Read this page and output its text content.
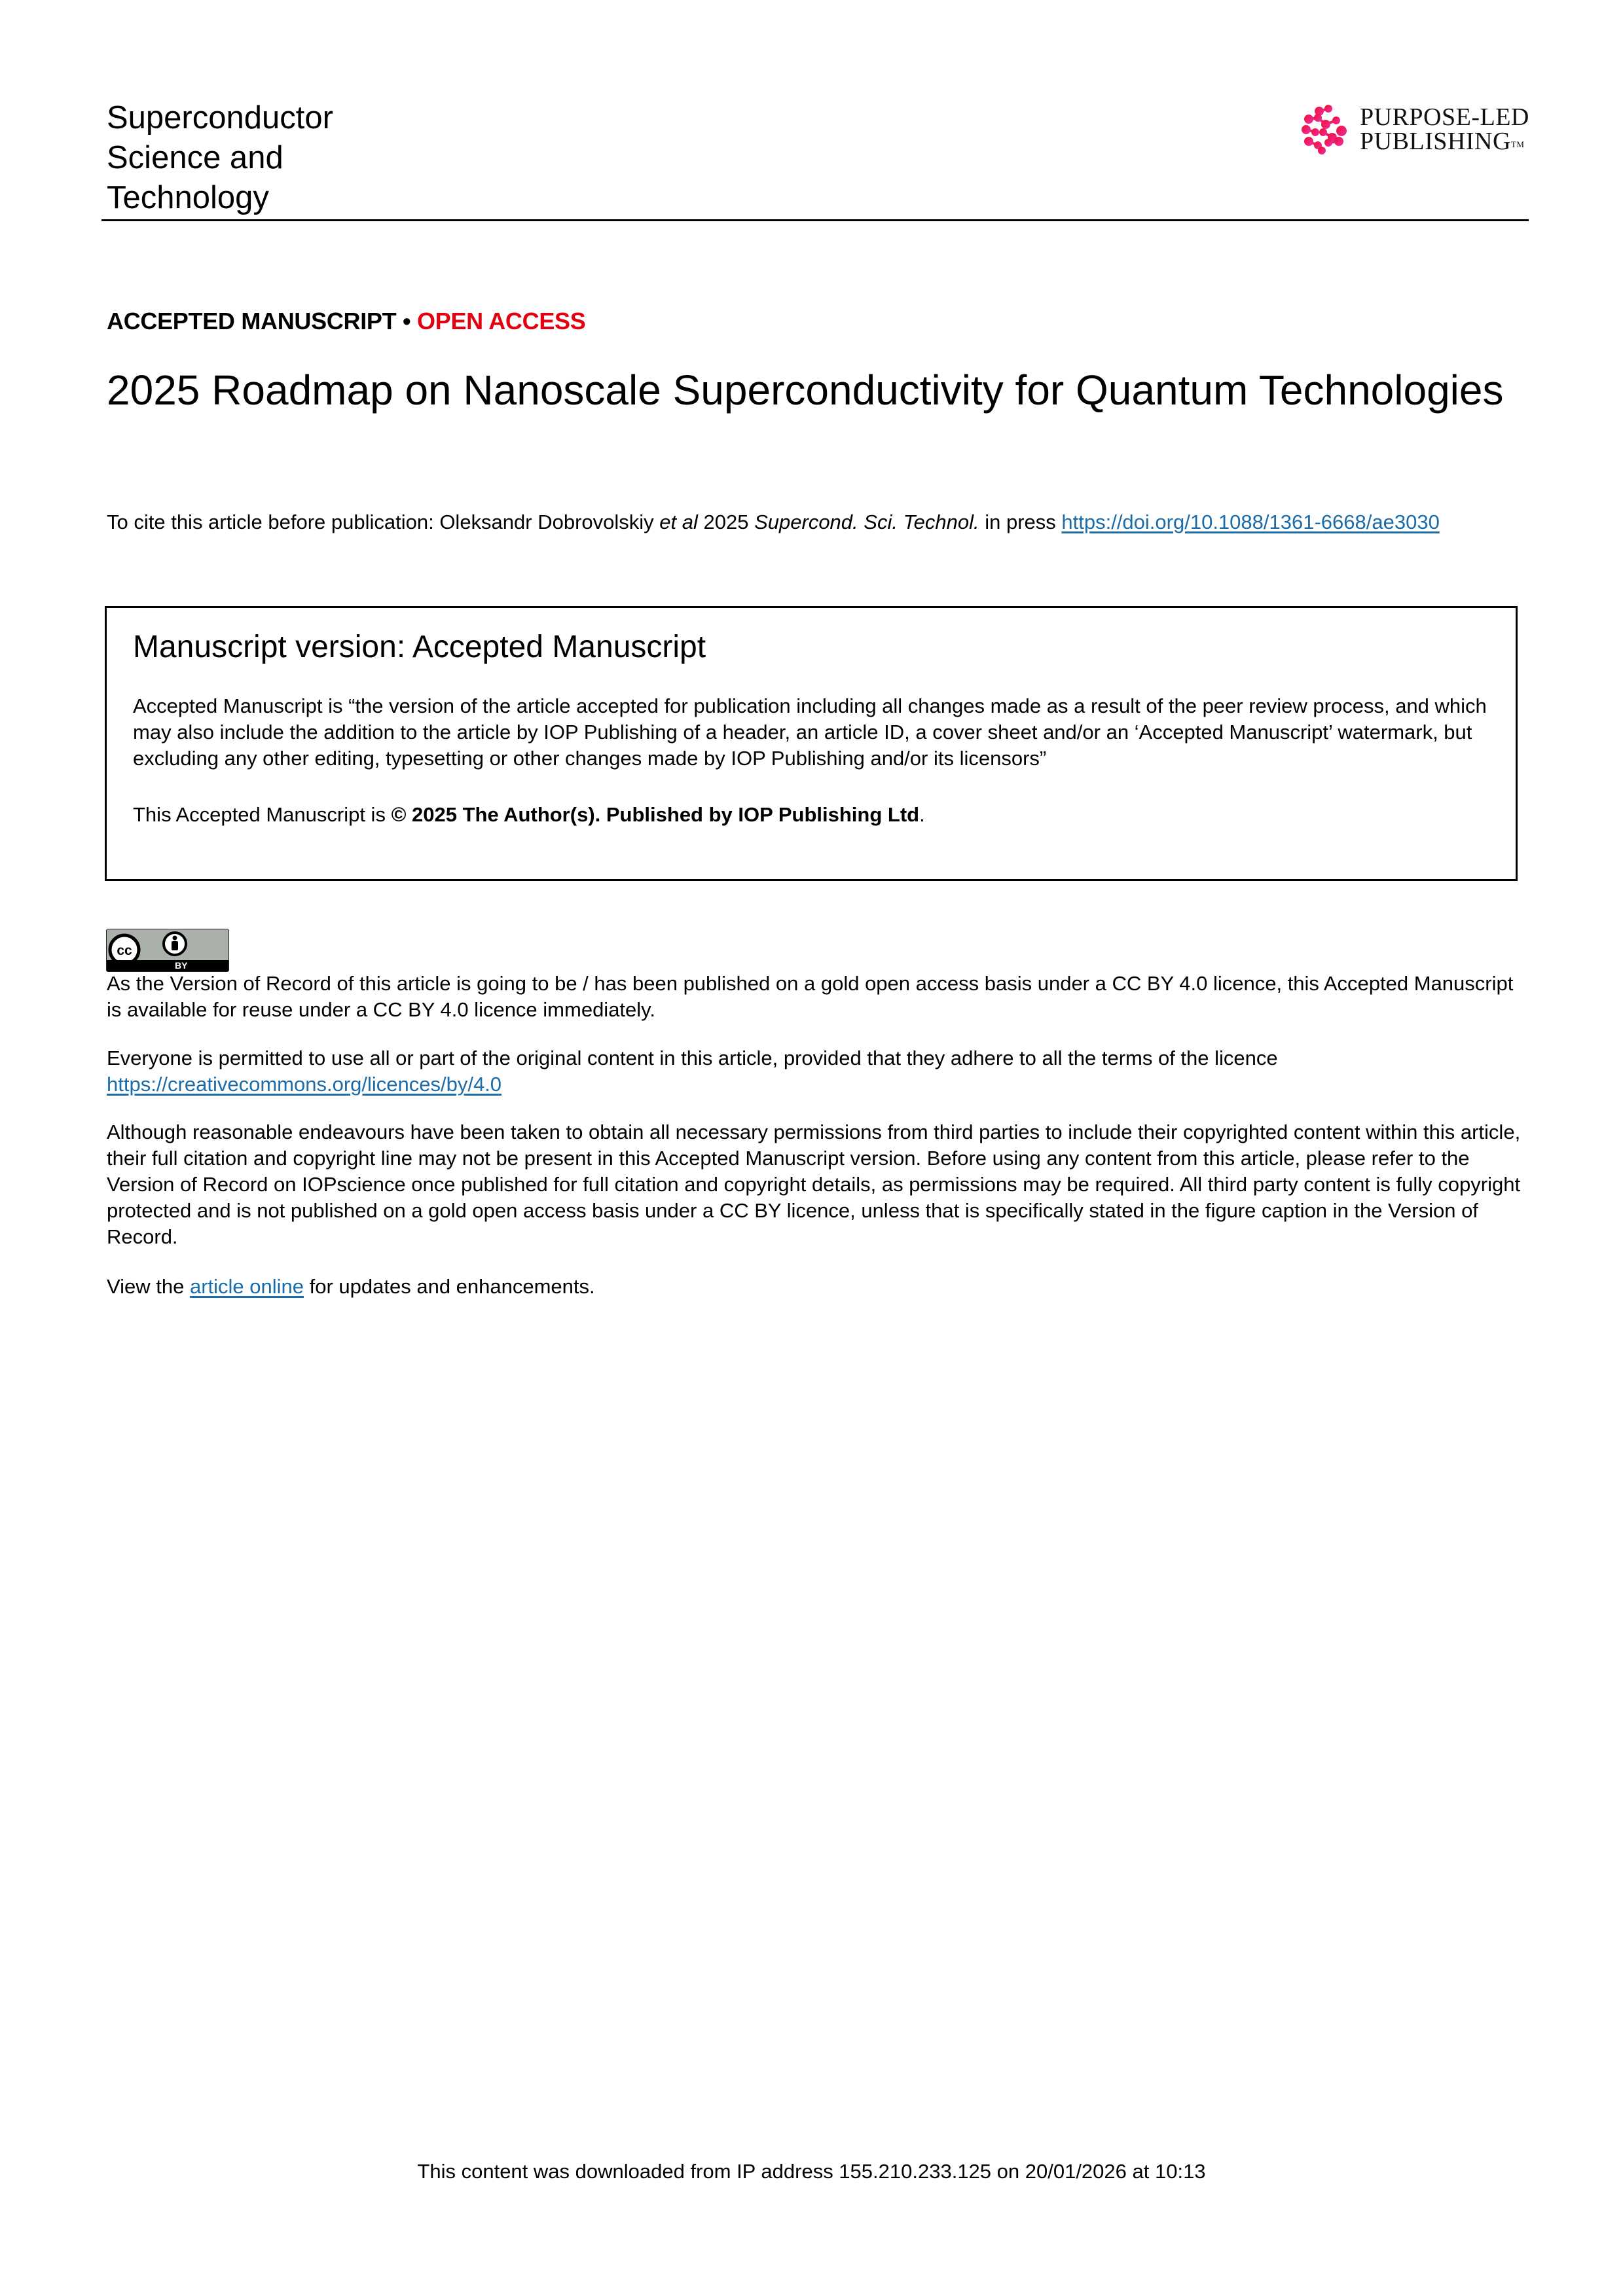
Superconductor
Science and
Technology
PURPOSE-LED
PUBLISHING™
ACCEPTED MANUSCRIPT • OPEN ACCESS
2025 Roadmap on Nanoscale Superconductivity for Quantum Technologies
To cite this article before publication: Oleksandr Dobrovolskiy et al 2025 Supercond. Sci. Technol. in press https://doi.org/10.1088/1361-6668/ae3030
Manuscript version: Accepted Manuscript
Accepted Manuscript is “the version of the article accepted for publication including all changes made as a result of the peer review process, and which may also include the addition to the article by IOP Publishing of a header, an article ID, a cover sheet and/or an ‘Accepted Manuscript’ watermark, but excluding any other editing, typesetting or other changes made by IOP Publishing and/or its licensors”
This Accepted Manuscript is © 2025 The Author(s). Published by IOP Publishing Ltd.
cc
BY
As the Version of Record of this article is going to be / has been published on a gold open access basis under a CC BY 4.0 licence, this Accepted Manuscript is available for reuse under a CC BY 4.0 licence immediately.
Everyone is permitted to use all or part of the original content in this article, provided that they adhere to all the terms of the licence
https://creativecommons.org/licences/by/4.0
Although reasonable endeavours have been taken to obtain all necessary permissions from third parties to include their copyrighted content within this article, their full citation and copyright line may not be present in this Accepted Manuscript version. Before using any content from this article, please refer to the Version of Record on IOPscience once published for full citation and copyright details, as permissions may be required. All third party content is fully copyright protected and is not published on a gold open access basis under a CC BY licence, unless that is specifically stated in the figure caption in the Version of Record.
View the article online for updates and enhancements.
This content was downloaded from IP address 155.210.233.125 on 20/01/2026 at 10:13
